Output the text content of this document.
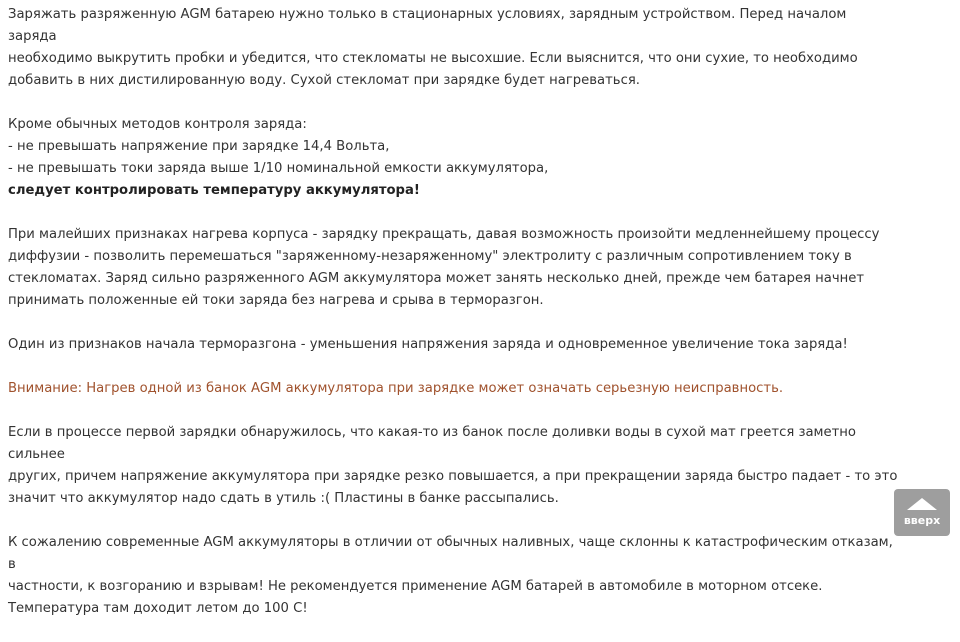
Заряжать разряженную AGM батарею нужно только в стационарных условиях, зарядным устройством. Перед началом заряда
необходимо выкрутить пробки и убедится, что стекломаты не высохшие. Если выяснится, что они сухие, то необходимо
добавить в них дистилированную воду. Сухой стекломат при зарядке будет нагреваться.

Кроме обычных методов контроля заряда:
- не превышать напряжение при зарядке 14,4 Вольта,
- не превышать токи заряда выше 1/10 номинальной емкости аккумулятора,
следует контролировать температуру аккумулятора!

При малейших признаках нагрева корпуса - зарядку прекращать, давая возможность произойти медленнейшему процессу
диффузии - позволить перемешаться "заряженному-незаряженному" электролиту с различным сопротивлением току в
стекломатах. Заряд сильно разряженного AGM аккумулятора может занять несколько дней, прежде чем батарея начнет
принимать положенные ей токи заряда без нагрева и срыва в терморазгон.

Один из признаков начала терморазгона - уменьшения напряжения заряда и одновременное увеличение тока заряда!

Внимание: Нагрев одной из банок AGM аккумулятора при зарядке может означать серьезную неисправность.

Если в процессе первой зарядки обнаружилось, что какая-то из банок после доливки воды в сухой мат греется заметно сильнее
других, причем напряжение аккумулятора при зарядке резко повышается, а при прекращении заряда быстро падает - то это
значит что аккумулятор надо сдать в утиль :( Пластины в банке рассыпались.

К сожалению современные AGM аккумуляторы в отличии от обычных наливных, чаще склонны к катастрофическим отказам, в
частности, к возгоранию и взрывам! Не рекомендуется применение AGM батарей в автомобиле в моторном отсеке.
Температура там доходит летом до 100 С!

вверх
